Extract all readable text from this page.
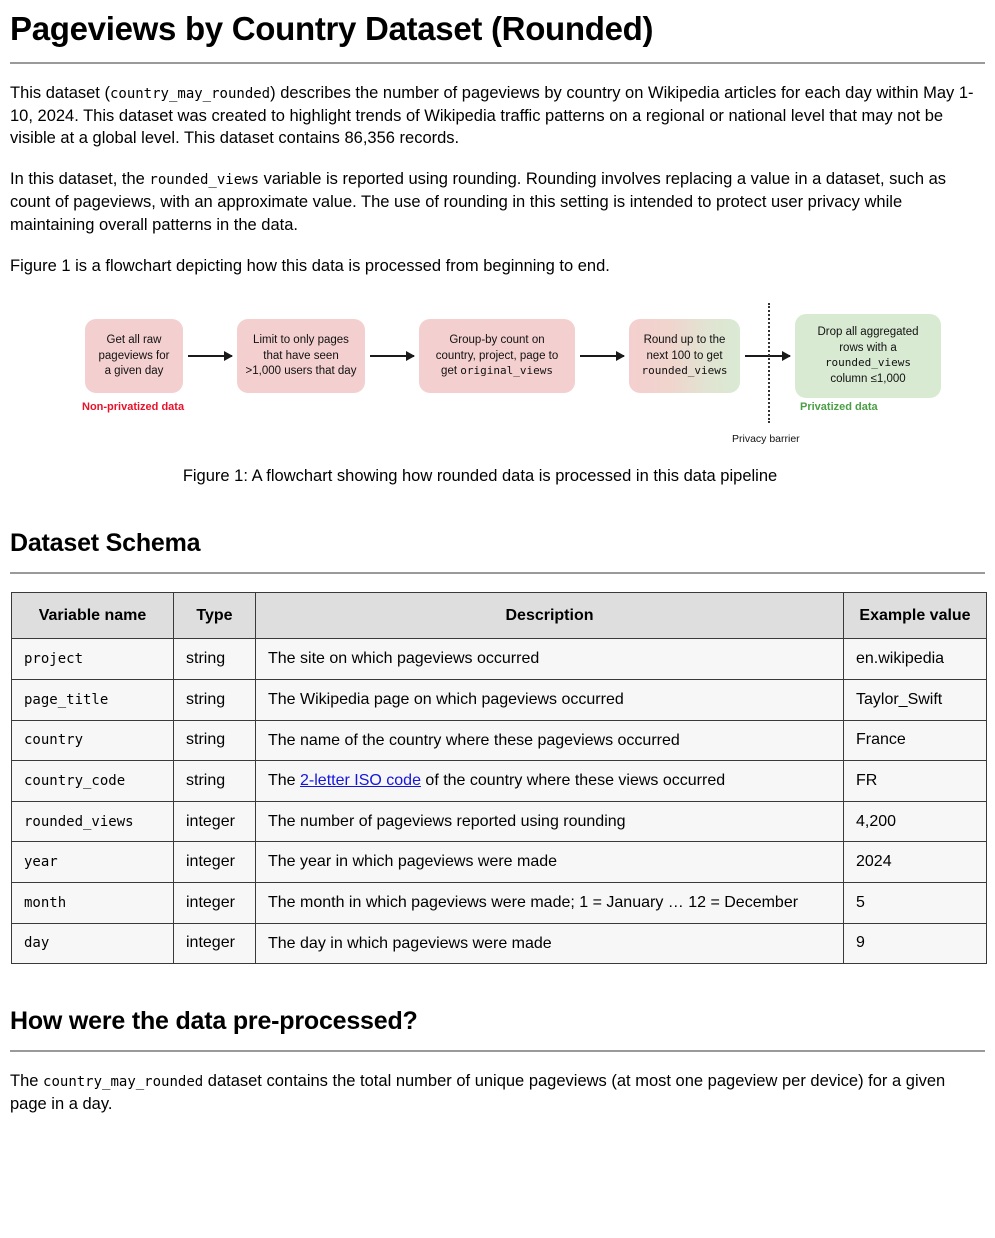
Pageviews by Country Dataset (Rounded)

This dataset (country_may_rounded) describes the number of pageviews by country on Wikipedia articles for each day within May 1-10, 2024. This dataset was created to highlight trends of Wikipedia traffic patterns on a regional or national level that may not be visible at a global level. This dataset contains 86,356 records.

In this dataset, the rounded_views variable is reported using rounding. Rounding involves replacing a value in a dataset, such as count of pageviews, with an approximate value. The use of rounding in this setting is intended to protect user privacy while maintaining overall patterns in the data.

Figure 1 is a flowchart depicting how this data is processed from beginning to end.

Get all raw
pageviews for
a given day
Limit to only pages
that have seen
>1,000 users that day
Group-by count on
country, project, page to
get original_views
Round up to the
next 100 to get
rounded_views
Drop all aggregated
rows with a
rounded_views
column ≤1,000
Privacy barrier
Non-privatized data	Privatized data
Figure 1: A flowchart showing how rounded data is processed in this data pipeline
Dataset Schema
Variable name	Type	Description	Example value
project	string	The site on which pageviews occurred	en.wikipedia
page_title	string	The Wikipedia page on which pageviews occurred	Taylor_Swift
country	string	The name of the country where these pageviews occurred	France
country_code	string	The 2-letter ISO code of the country where these views occurred	FR
rounded_views	integer	The number of pageviews reported using rounding	4,200
year	integer	The year in which pageviews were made	2024
month	integer	The month in which pageviews were made; 1 = January … 12 = December	5
day	integer	The day in which pageviews were made	9
How were the data pre-processed?

The country_may_rounded dataset contains the total number of unique pageviews (at most one pageview per device) for a given page in a day.
